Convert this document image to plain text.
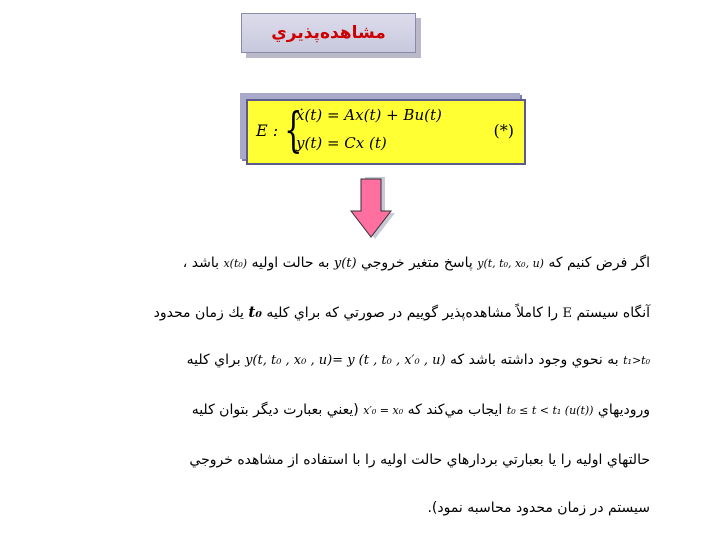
مشاهده‌پذيري
E : {
ẋ(t) = Ax(t) + Bu(t)
y(t) = Cx (t)
(*)
اگر فرض كنيم كه y(t, t₀, x₀, u) پاسخ متغير خروجي y(t) به حالت اوليه x(t₀) باشد ،
آنگاه سيستم E را كاملاً مشاهده‌پذير گوييم در صورتي كه براي كليه t₀ يك زمان محدود
t₁>t₀ به نحوي وجود داشته باشد كه y(t, t₀ , x₀ , u)= y (t , t₀ , x′₀ , u) براي كليه
وروديهاي t₀ ≤ t < t₁ (u(t)) ايجاب مي‌كند كه x′₀ = x₀ (يعني بعبارت ديگر بتوان كليه
حالتهاي اوليه را يا بعبارتي بردارهاي حالت اوليه را با استفاده از مشاهده خروجي
سيستم در زمان محدود محاسبه نمود).
